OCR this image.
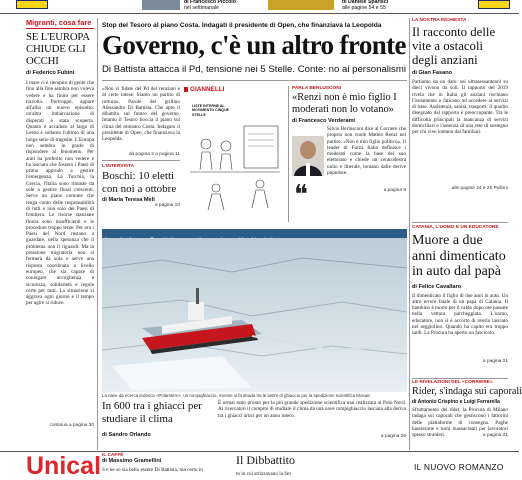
di Francesco Piccolo
nel settimanale
di Daniele Sparisci
alle pagine 54 e 55
Migranti, cosa fare
SE L'EUROPA CHIUDE GLI OCCHI
di Federico Fubini
I mare ci è riempito di gente che fino alla fine sembra non voleva vedere e ha finito per essere travolto. Purtroppo, appare all'alba un nuovo episodio: un'altra imbarcazione di disperati è stata scoperta. Quanto è accaduto al largo di Lesbo è soltanto l'ultimo di una lunga serie di tragedie. L'Europa non sembra in grado di rispondere al fenomeno. Per anni ha preferito non vedere e ha lasciato che fossero i Paesi di primo approdo a gestire l'emergenza. La Turchia, la Grecia, l'Italia sono rimaste da sole a gestire flussi crescenti. Serve un piano comune che tenga conto delle responsabilità di tutti e non solo dei Paesi di frontiera. Le risorse stanziate finora sono insufficienti e le procedure troppo lente. Per ora i Paesi del Nord restano a guardare, nella speranza che il problema non li riguardi. Ma la pressione migratoria non si fermerà da sola e serve una risposta coordinata a livello europeo, che sia capace di coniugare accoglienza e sicurezza, solidarietà e regole certe per tutti. La situazione si aggrava ogni giorno e il tempo per agire si riduce.
continua a pagina 30
Stop del Tesoro al piano Costa. Indagati il presidente di Open, che finanziava la Leopolda
Governo, c'è un altro fronte
Di Battista attacca il Pd, tensione nei 5 Stelle. Conte: no ai personalismi
«Non vi fidate del Pd dei renziani e di certe intese. Siamo un partito di rottura». Parole del grillino Alessandro Di Battista. Che apre il dibattito sul futuro del governo. Intanto il Tesoro boccia il piano sul clima del ministro Costa. Indagato il presidente di Open, che finanziava la Leopolda.
da pagina 2 a pagina 11
L'INTERVISTA
Boschi: 10 eletti con noi a ottobre
di Maria Teresa Meli
a pagina 10
GIANNELLI
LISTE INTERNE AL MOVIMENTO CINQUE STELLE
PARLA BERLUSCONI
«Renzi non è mio figlio I moderati non lo votano»
di Francesco Verderami
Silvio Berlusconi dice al Corriere che proprio non vuole Matteo Renzi nel partito. «Non è mio figlio politico». Il leader di Forza Italia definisce i moderati come la base del suo elettorato e chiede un centrodestra unito e liberale, lontano dalle derive populiste.
❝	a pagina 9
LA NOSTRA INCHIESTA
Il racconto delle vite a ostacoli degli anziani
di Gian Fasano
Partiamo da un dato: sei ultrasessantenni su dieci vivono da soli. Il rapporto del 2019 rivela che in Italia gli anziani rischiano l'isolamento e faticano ad accedere ai servizi di base. Assistenza, sanità, trasporti: il quadro disegnato dal rapporto è preoccupante. Tra le difficoltà principali la mancanza di servizi domiciliari e l'assenza di una rete di sostegno per chi vive lontano dai familiari.
alle pagine 24 e 25 Pulloni
La nave da ricerca tedesca «Polarstern», un rompighiaccio, mentre si fa strada tra le lastre di ghiaccio per la spedizione scientifica Mosaic
In 600 tra i ghiacci per studiare il clima
di Sandro Orlando
È ormai tutto pronto per la più grande spedizione scientifica mai realizzata al Polo Nord. Ai ricercatori il compito di studiare il clima da una nave rompighiaccio lasciata alla deriva tra i ghiacci artici per un anno intero.
a pagina 28
CATANIA, L'UOMO E UN EDUCATORE
Muore a due anni dimenticato in auto dal papà
di Felice Cavallaro
Il dimenticato il figlio di due anni in auto. Un altro errore fatale di un papà di Catania. Il bambino è morto per il caldo dopo ore passate nella vettura parcheggiata. L'uomo, educatore, non si è accorto di averlo lasciato nel seggiolino. Quando ha capito era troppo tardi. La Procura ha aperto un fascicolo.
a pagina 21
LE RIVELAZIONI DEL «CORRIERE»
Rider, s'indaga sui caporali
di Antonio Crispino e Luigi Ferrarella
Sfruttamento dei rider, la Procura di Milano indaga sui caporali che gestiscono i fattorini delle piattaforme di consegna. Paghe bassissime e turni massacranti per lavoratori spesso stranieri.	a pagina 21
Unical IL CAFFÈ
di Massimo Gramellini
S e ne so sia bello essere Di Battista, ma certo in
Il Dibbattito
to in cui strizzavano la fan
IL NUOVO ROMANZO
